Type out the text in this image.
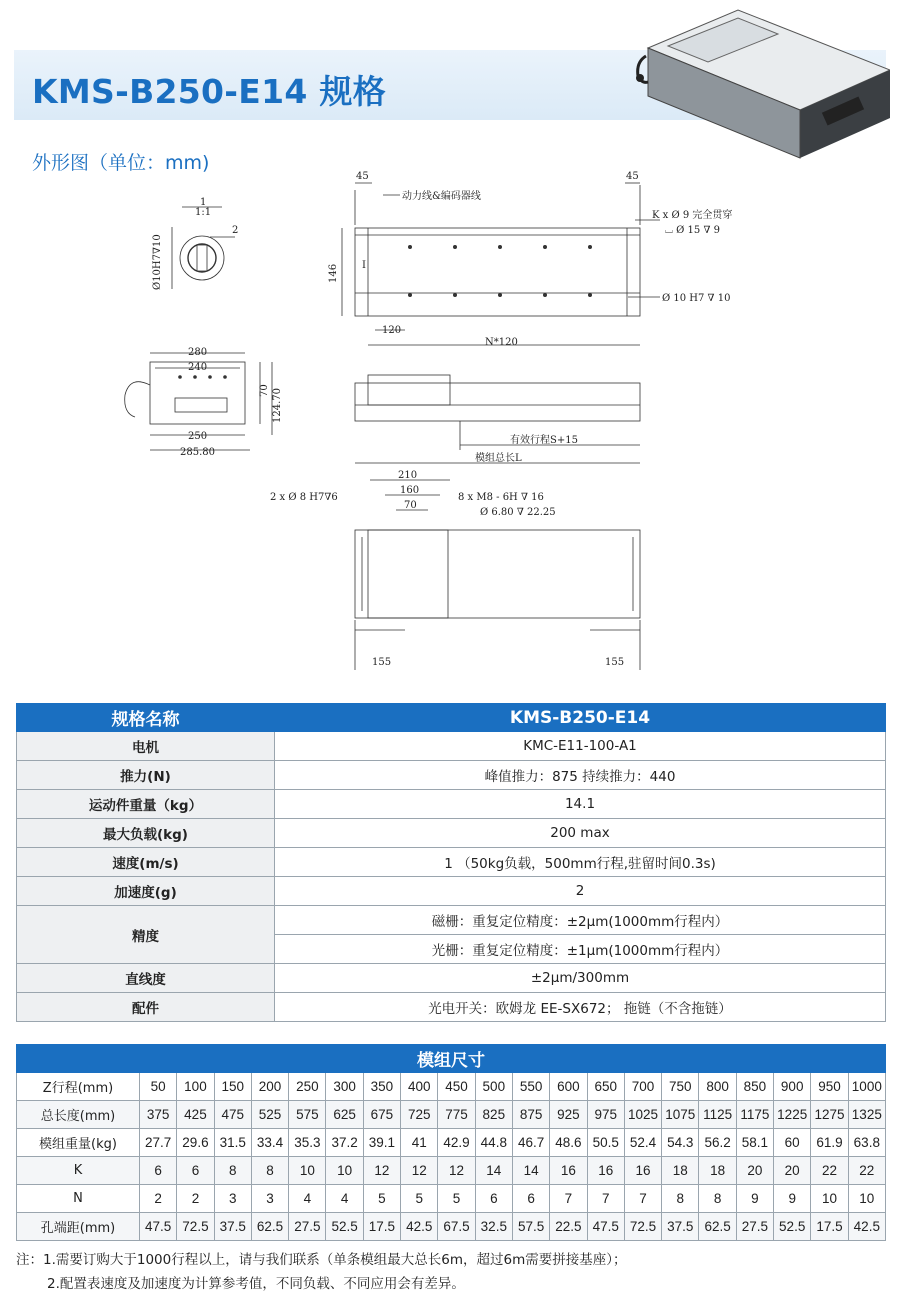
KMS-B250-E14 规格
外形图（单位：mm)
1
1:1
Ø10H7∇10
2
45	45
动力线&编码器线
K x Ø 9 完全贯穿
⌴ Ø 15 ∇ 9
Ø 10 H7 ∇ 10
146 I
120
N*120
280
240
250
285.80
70 124.70
有效行程S+15
模组总长L
210
160
70
2 x Ø 8 H7∇6	8 x M8 - 6H ∇ 16
Ø 6.80 ∇ 22.25
155	155
规格名称	KMS-B250-E14
电机	KMC-E11-100-A1
推力(N)	峰值推力：875 持续推力：440
运动件重量（kg）	14.1
最大负载(kg)	200 max
速度(m/s)	1 （50kg负载，500mm行程,驻留时间0.3s)
加速度(g)	2
精度	磁栅：重复定位精度：±2μm(1000mm行程内）
	光栅：重复定位精度：±1μm(1000mm行程内）
直线度	±2μm/300mm
配件	光电开关：欧姆龙 EE-SX672； 拖链（不含拖链）
模组尺寸																				
Z行程(mm)	50	100	150	200	250	300	350	400	450	500	550	600	650	700	750	800	850	900	950	1000
总长度(mm)	375	425	475	525	575	625	675	725	775	825	875	925	975	1025	1075	1125	1175	1225	1275	1325
模组重量(kg)	27.7	29.6	31.5	33.4	35.3	37.2	39.1	41	42.9	44.8	46.7	48.6	50.5	52.4	54.3	56.2	58.1	60	61.9	63.8
K	6	6	8	8	10	10	12	12	12	14	14	16	16	16	18	18	20	20	22	22
N	2	2	3	3	4	4	5	5	5	6	6	7	7	7	8	8	9	9	10	10
孔端距(mm)	47.5	72.5	37.5	62.5	27.5	52.5	17.5	42.5	67.5	32.5	57.5	22.5	47.5	72.5	37.5	62.5	27.5	52.5	17.5	42.5
注：1.需要订购大于1000行程以上，请与我们联系（单条模组最大总长6m，超过6m需要拼接基座）；
2.配置表速度及加速度为计算参考值，不同负载、不同应用会有差异。
